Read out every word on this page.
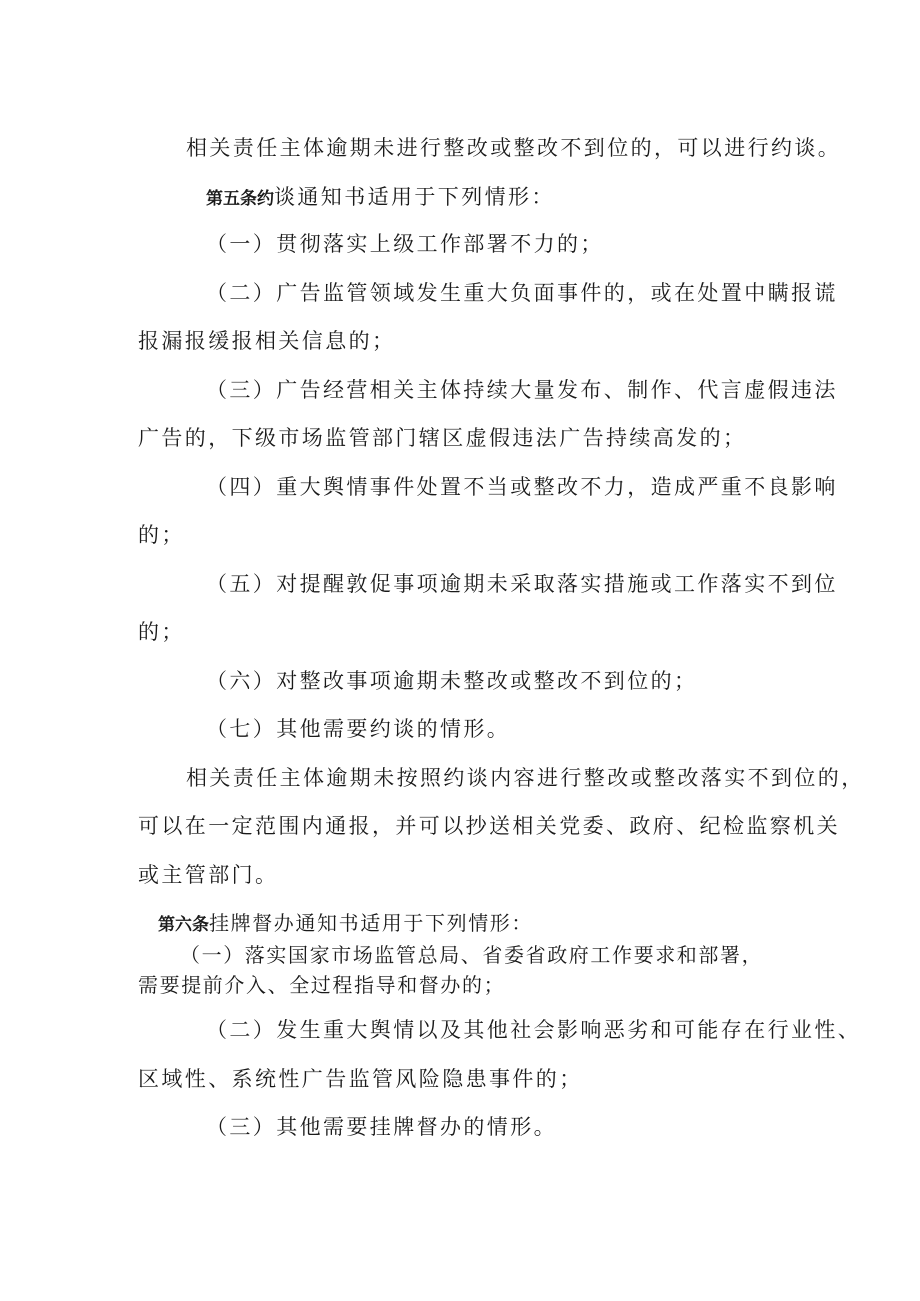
相关责任主体逾期未进行整改或整改不到位的，可以进行约谈。
第五条约谈通知书适用于下列情形：
（一）贯彻落实上级工作部署不力的；
（二）广告监管领域发生重大负面事件的，或在处置中瞒报谎
报漏报缓报相关信息的；
（三）广告经营相关主体持续大量发布、制作、代言虚假违法
广告的，下级市场监管部门辖区虚假违法广告持续高发的；
（四）重大舆情事件处置不当或整改不力，造成严重不良影响
的；
（五）对提醒敦促事项逾期未采取落实措施或工作落实不到位
的；
（六）对整改事项逾期未整改或整改不到位的；
（七）其他需要约谈的情形。
相关责任主体逾期未按照约谈内容进行整改或整改落实不到位的，
可以在一定范围内通报，并可以抄送相关党委、政府、纪检监察机关
或主管部门。
第六条挂牌督办通知书适用于下列情形：
（一）落实国家市场监管总局、省委省政府工作要求和部署，
需要提前介入、全过程指导和督办的；
（二）发生重大舆情以及其他社会影响恶劣和可能存在行业性、
区域性、系统性广告监管风险隐患事件的；
（三）其他需要挂牌督办的情形。
